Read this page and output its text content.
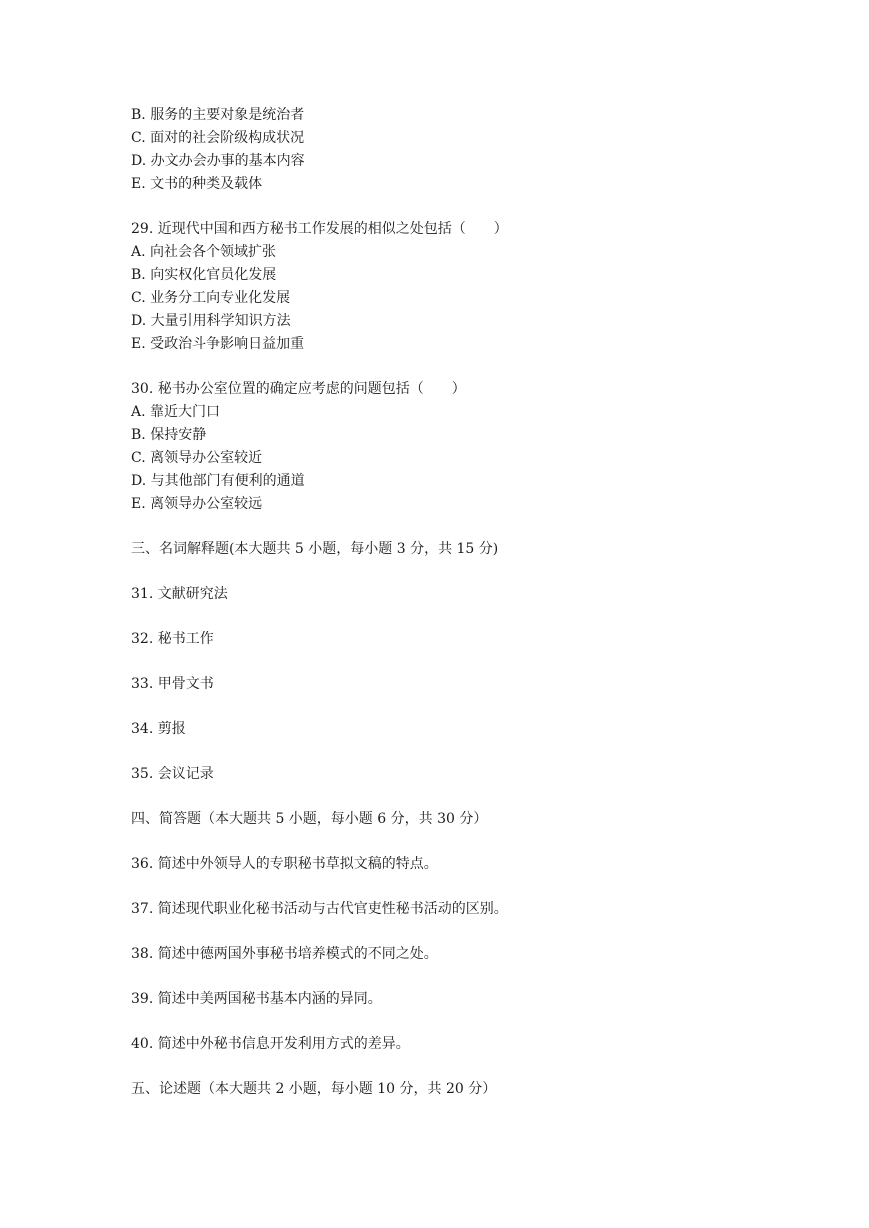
B. 服务的主要对象是统治者
C. 面对的社会阶级构成状况
D. 办文办会办事的基本内容
E. 文书的种类及载体
29. 近现代中国和西方秘书工作发展的相似之处包括（　　）
A. 向社会各个领域扩张
B. 向实权化官员化发展
C. 业务分工向专业化发展
D. 大量引用科学知识方法
E. 受政治斗争影响日益加重
30. 秘书办公室位置的确定应考虑的问题包括（　　）
A. 靠近大门口
B. 保持安静
C. 离领导办公室较近
D. 与其他部门有便利的通道
E. 离领导办公室较远
三、名词解释题(本大题共 5 小题，每小题 3 分，共 15 分)
31. 文献研究法
32. 秘书工作
33. 甲骨文书
34. 剪报
35. 会议记录
四、简答题（本大题共 5 小题，每小题 6 分，共 30 分）
36. 简述中外领导人的专职秘书草拟文稿的特点。
37. 简述现代职业化秘书活动与古代官吏性秘书活动的区别。
38. 简述中德两国外事秘书培养模式的不同之处。
39. 简述中美两国秘书基本内涵的异同。
40. 简述中外秘书信息开发利用方式的差异。
五、论述题（本大题共 2 小题，每小题 10 分，共 20 分）
